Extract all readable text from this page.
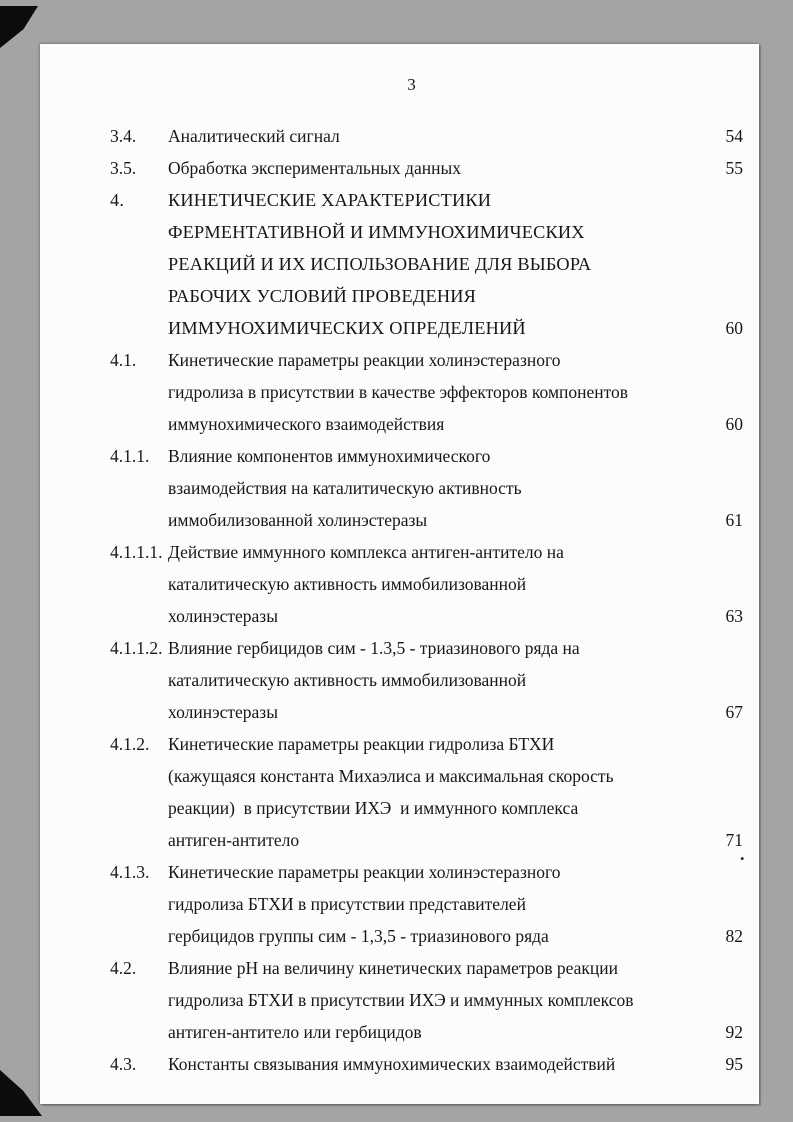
3
3.4. Аналитический сигнал	54
3.5. Обработка экспериментальных данных	55
4. КИНЕТИЧЕСКИЕ ХАРАКТЕРИСТИКИ
ФЕРМЕНТАТИВНОЙ И ИММУНОХИМИЧЕСКИХ
РЕАКЦИЙ И ИХ ИСПОЛЬЗОВАНИЕ ДЛЯ ВЫБОРА
РАБОЧИХ УСЛОВИЙ ПРОВЕДЕНИЯ
ИММУНОХИМИЧЕСКИХ ОПРЕДЕЛЕНИЙ	60
4.1. Кинетические параметры реакции холинэстеразного
гидролиза в присутствии в качестве эффекторов компонентов
иммунохимического взаимодействия	60
4.1.1. Влияние компонентов иммунохимического
взаимодействия на каталитическую активность
иммобилизованной холинэстеразы	61
4.1.1.1. Действие иммунного комплекса антиген-антитело на
каталитическую активность иммобилизованной
холинэстеразы	63
4.1.1.2. Влияние гербицидов сим - 1.3,5 - триазинового ряда на
каталитическую активность иммобилизованной
холинэстеразы	67
4.1.2. Кинетические параметры реакции гидролиза БТХИ
(кажущаяся константа Михаэлиса и максимальная скорость
реакции)  в присутствии ИХЭ  и иммунного комплекса
антиген-антитело	71
4.1.3. Кинетические параметры реакции холинэстеразного
гидролиза БТХИ в присутствии представителей
гербицидов группы сим - 1,3,5 - триазинового ряда	82
4.2. Влияние рН на величину кинетических параметров реакции
гидролиза БТХИ в присутствии ИХЭ и иммунных комплексов
антиген-антитело или гербицидов	92
4.3. Константы связывания иммунохимических взаимодействий	95
.
